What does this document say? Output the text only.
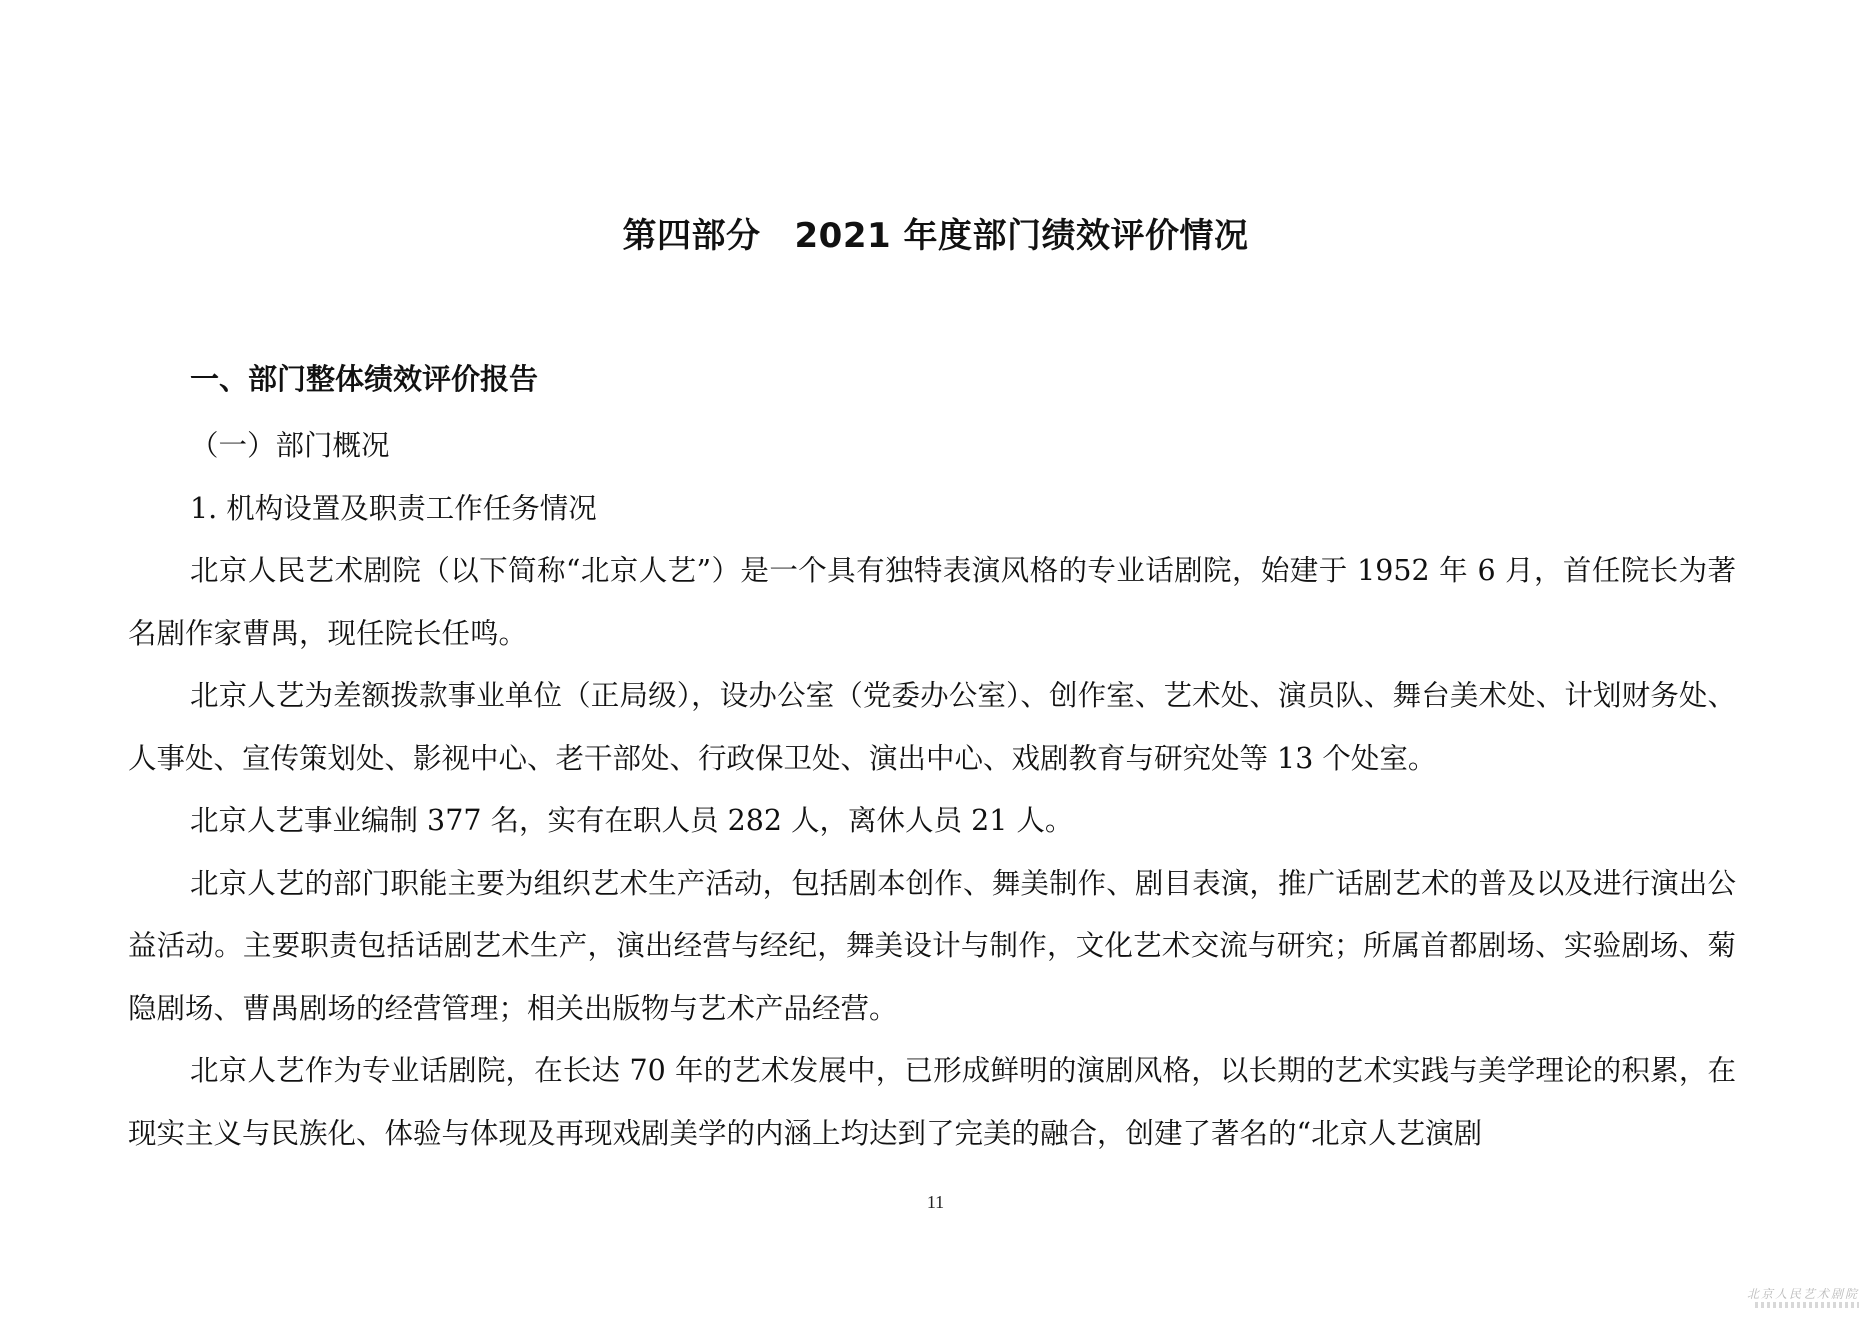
第四部分 2021 年度部门绩效评价情况
一、部门整体绩效评价报告

（一）部门概况

1. 机构设置及职责工作任务情况

北京人民艺术剧院（以下简称“北京人艺”）是一个具有独特表演风格的专业话剧院，始建于 1952 年 6 月，首任院长为著名剧作家曹禺，现任院长任鸣。

北京人艺为差额拨款事业单位（正局级），设办公室（党委办公室）、创作室、艺术处、演员队、舞台美术处、计划财务处、人事处、宣传策划处、影视中心、老干部处、行政保卫处、演出中心、戏剧教育与研究处等 13 个处室。

北京人艺事业编制 377 名，实有在职人员 282 人，离休人员 21 人。

北京人艺的部门职能主要为组织艺术生产活动，包括剧本创作、舞美制作、剧目表演，推广话剧艺术的普及以及进行演出公益活动。主要职责包括话剧艺术生产，演出经营与经纪，舞美设计与制作，文化艺术交流与研究；所属首都剧场、实验剧场、菊隐剧场、曹禺剧场的经营管理；相关出版物与艺术产品经营。

北京人艺作为专业话剧院，在长达 70 年的艺术发展中，已形成鲜明的演剧风格，以长期的艺术实践与美学理论的积累，在现实主义与民族化、体验与体现及再现戏剧美学的内涵上均达到了完美的融合，创建了著名的“北京人艺演剧

11
北京人民艺术剧院
